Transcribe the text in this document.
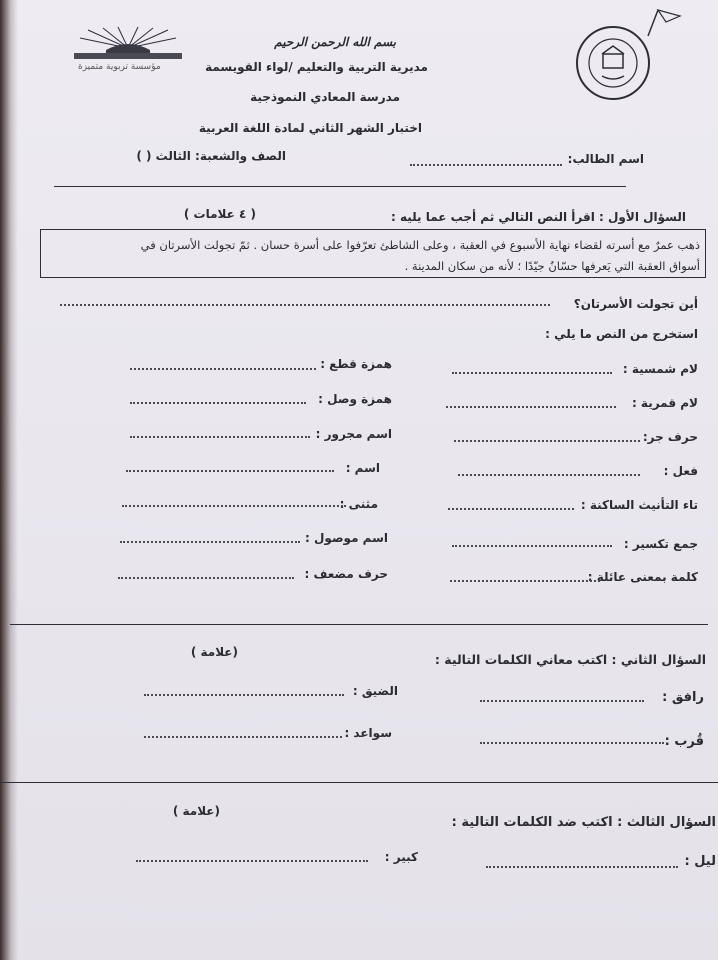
مؤسسة تربوية متميزة
بسم الله الرحمن الرحيم
مديرية التربية والتعليم /لواء القويسمة
مدرسة المعادي النموذجية
اختبار الشهر الثاني لمادة اللغة العربية
اسم الطالب:
الصف والشعبة: الثالث ( )
السؤال الأول : اقرأ النص التالي ثم أجب عما يليه :
( ٤ علامات )
ذهب عمرٌ مع أسرته لقضاء نهاية الأسبوع في العقبة ، وعلى الشاطئ تعرّفوا على أسرة حسان . ثمّ تجولت الأسرتان في
أسواق العقبة التي يَعرفها حسّانُ جيّدًا ؛ لأنه من سكان المدينة .
أين تجولت الأسرتان؟
استخرج من النص ما يلي :
لام شمسية :
لام قمرية :
حرف جر:
فعل :
تاء التأنيث الساكنة :
جمع تكسير :
كلمة بمعنى عائلة :
همزة قطع :
همزة وصل :
اسم مجرور :
اسم :
مثنى :
اسم موصول :
حرف مضعف :
السؤال الثاني : اكتب معاني الكلمات التالية :
(علامة )
رافق :
قُرب :
الضيق :
سواعد :
السؤال الثالث : اكتب ضد الكلمات التالية :
(علامة )
ليل :
كبير :
